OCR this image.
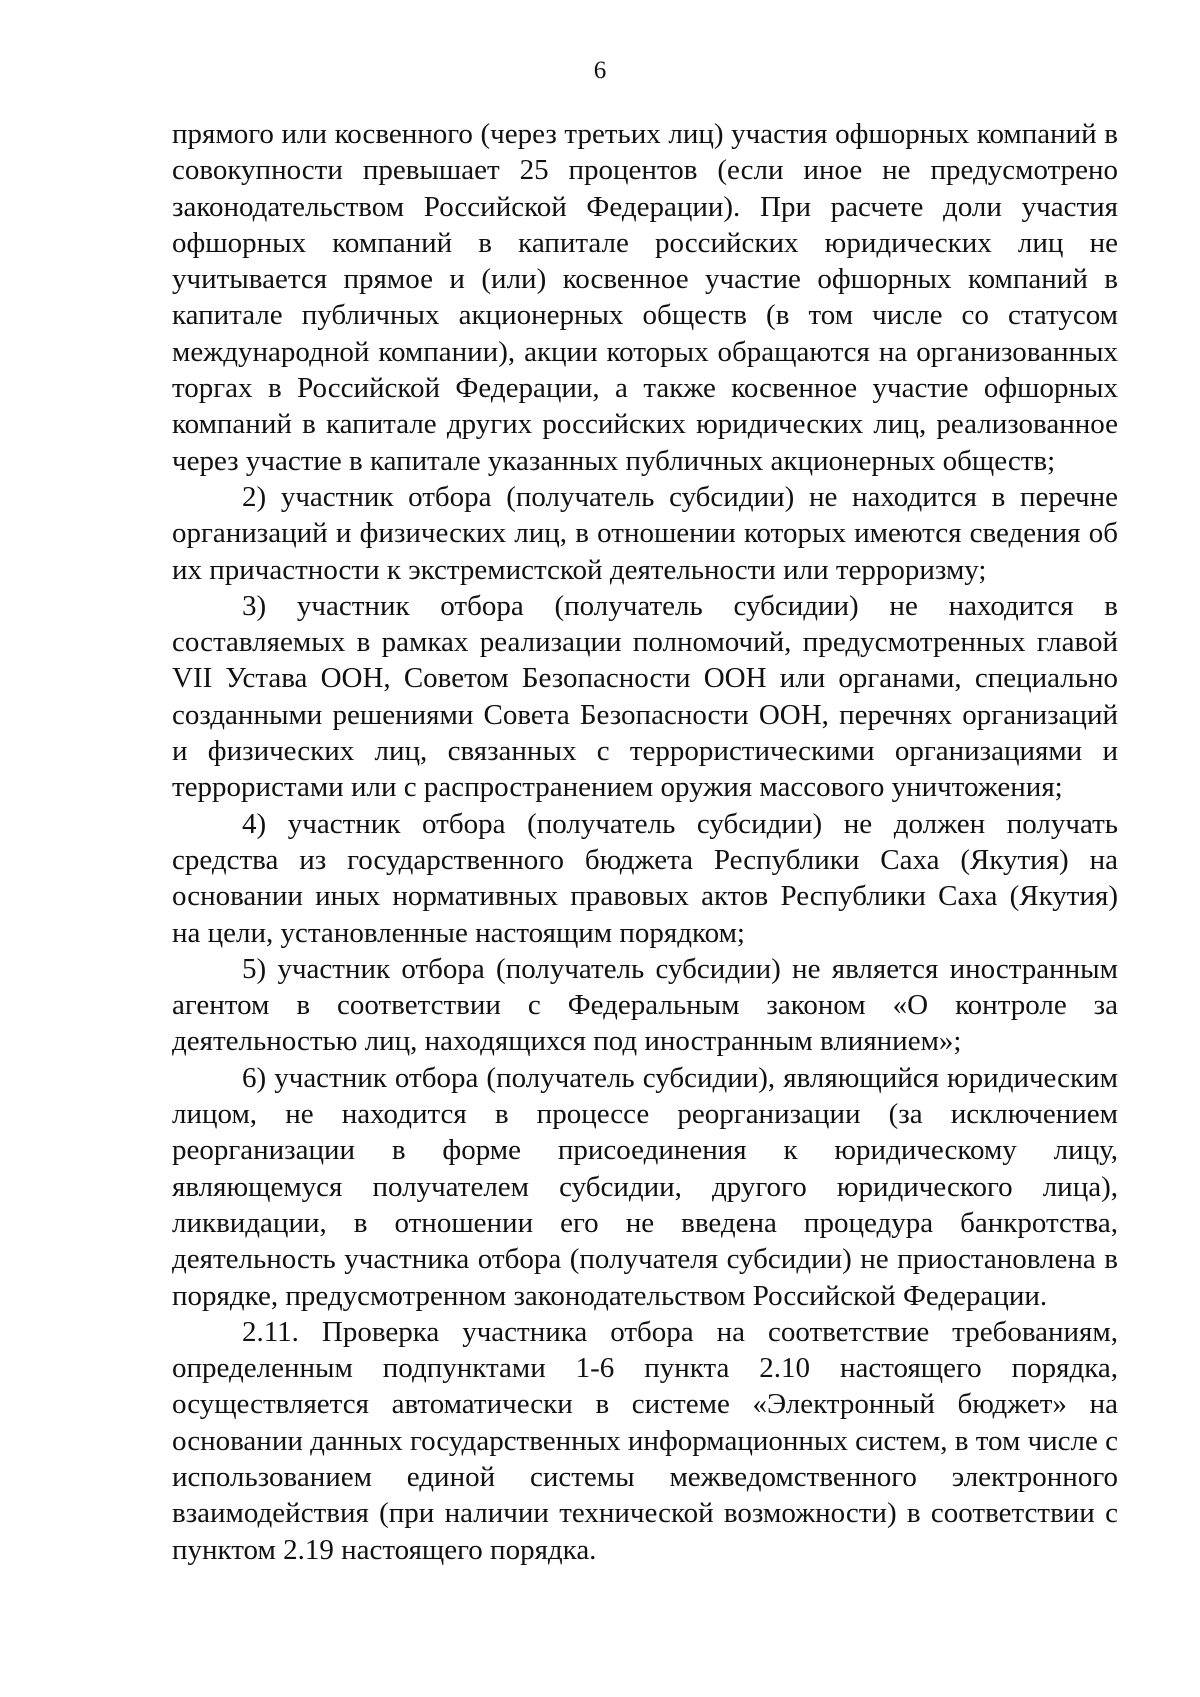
6

прямого или косвенного (через третьих лиц) участия офшорных компаний в совокупности превышает 25 процентов (если иное не предусмотрено законодательством Российской Федерации). При расчете доли участия офшорных компаний в капитале российских юридических лиц не учитывается прямое и (или) косвенное участие офшорных компаний в капитале публичных акционерных обществ (в том числе со статусом международной компании), акции которых обращаются на организованных торгах в Российской Федерации, а также косвенное участие офшорных компаний в капитале других российских юридических лиц, реализованное через участие в капитале указанных публичных акционерных обществ;

2) участник отбора (получатель субсидии) не находится в перечне организаций и физических лиц, в отношении которых имеются сведения об их причастности к экстремистской деятельности или терроризму;

3) участник отбора (получатель субсидии) не находится в составляемых в рамках реализации полномочий, предусмотренных главой VII Устава ООН, Советом Безопасности ООН или органами, специально созданными решениями Совета Безопасности ООН, перечнях организаций и физических лиц, связанных с террористическими организациями и террористами или с распространением оружия массового уничтожения;

4) участник отбора (получатель субсидии) не должен получать средства из государственного бюджета Республики Саха (Якутия) на основании иных нормативных правовых актов Республики Саха (Якутия) на цели, установленные настоящим порядком;

5) участник отбора (получатель субсидии) не является иностранным агентом в соответствии с Федеральным законом «О контроле за деятельностью лиц, находящихся под иностранным влиянием»;

6) участник отбора (получатель субсидии), являющийся юридическим лицом, не находится в процессе реорганизации (за исключением реорганизации в форме присоединения к юридическому лицу, являющемуся получателем субсидии, другого юридического лица), ликвидации, в отношении его не введена процедура банкротства, деятельность участника отбора (получателя субсидии) не приостановлена в порядке, предусмотренном законодательством Российской Федерации.

2.11. Проверка участника отбора на соответствие требованиям, определенным подпунктами 1-6 пункта 2.10 настоящего порядка, осуществляется автоматически в системе «Электронный бюджет» на основании данных государственных информационных систем, в том числе с использованием единой системы межведомственного электронного взаимодействия (при наличии технической возможности) в соответствии с пунктом 2.19 настоящего порядка.
